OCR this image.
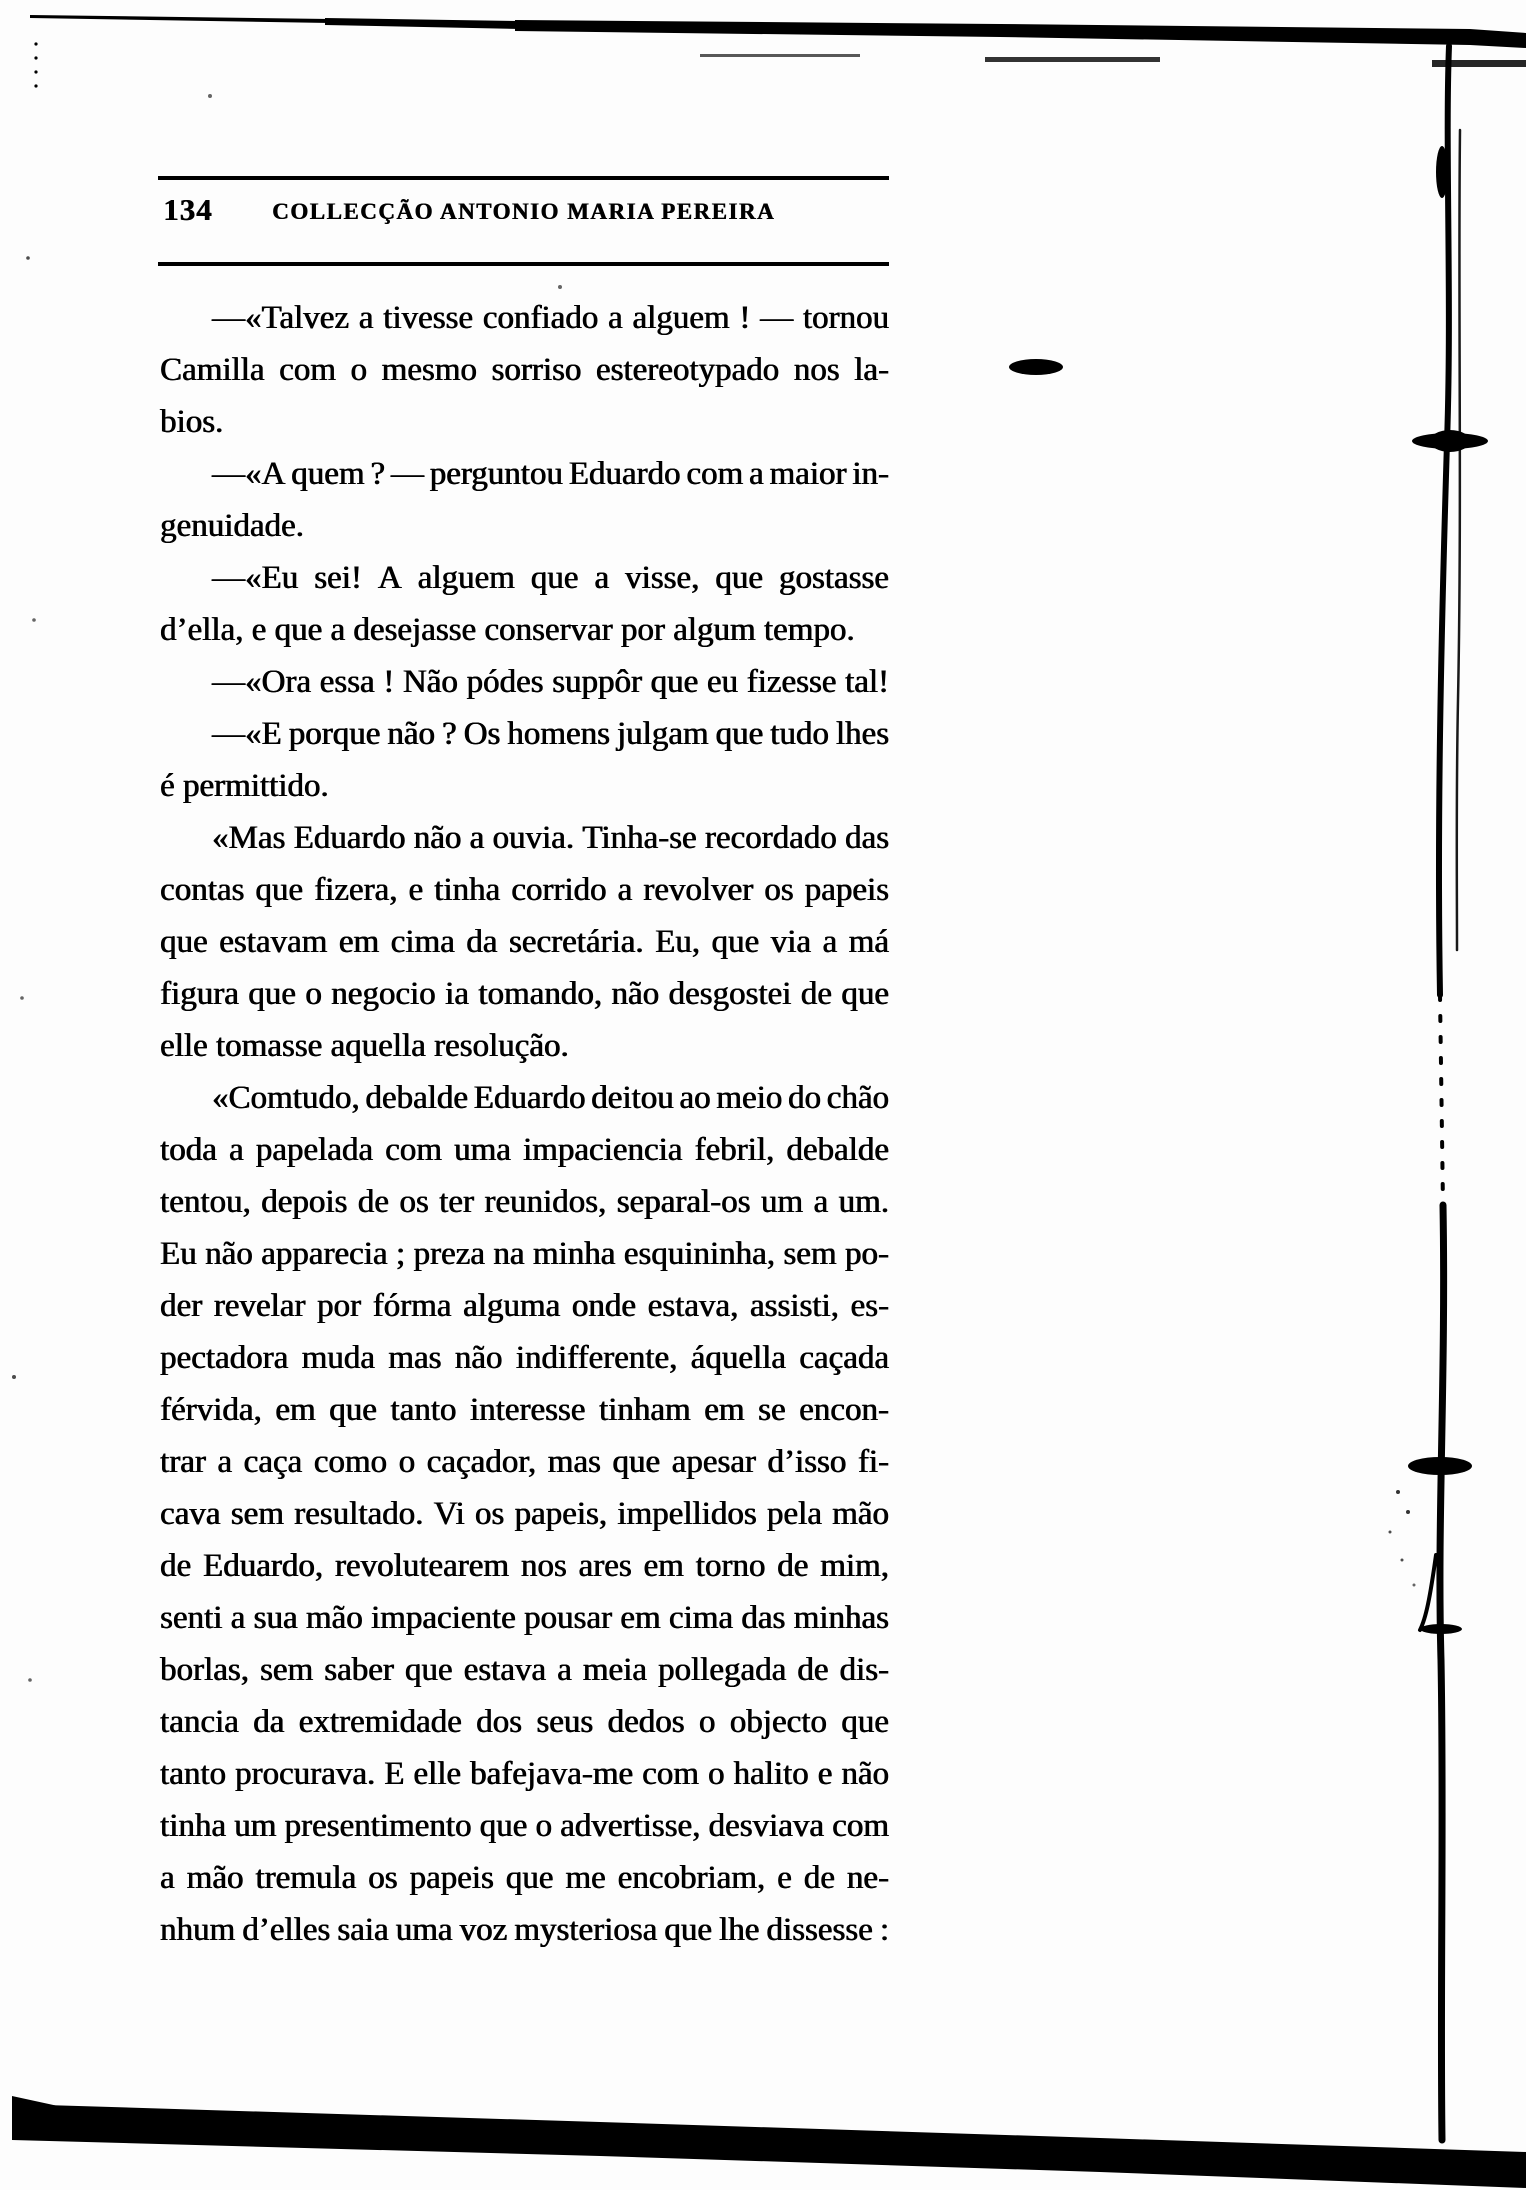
134	COLLECÇÃO ANTONIO MARIA PEREIRA
—«Talvez a tivesse confiado a alguem ! — tornou
Camilla com o mesmo sorriso estereotypado nos la-
bios.
—«A quem ? — perguntou Eduardo com a maior in-
genuidade.
—«Eu sei! A alguem que a visse, que gostasse
d’ella, e que a desejasse conservar por algum tempo.
—«Ora essa ! Não pódes suppôr que eu fizesse tal!
—«E porque não ? Os homens julgam que tudo lhes
é permittido.
«Mas Eduardo não a ouvia. Tinha-se recordado das
contas que fizera, e tinha corrido a revolver os papeis
que estavam em cima da secretária. Eu, que via a má
figura que o negocio ia tomando, não desgostei de que
elle tomasse aquella resolução.
«Comtudo, debalde Eduardo deitou ao meio do chão
toda a papelada com uma impaciencia febril, debalde
tentou, depois de os ter reunidos, separal-os um a um.
Eu não apparecia ; preza na minha esquininha, sem po-
der revelar por fórma alguma onde estava, assisti, es-
pectadora muda mas não indifferente, áquella caçada
férvida, em que tanto interesse tinham em se encon-
trar a caça como o caçador, mas que apesar d’isso fi-
cava sem resultado. Vi os papeis, impellidos pela mão
de Eduardo, revolutearem nos ares em torno de mim,
senti a sua mão impaciente pousar em cima das minhas
borlas, sem saber que estava a meia pollegada de dis-
tancia da extremidade dos seus dedos o objecto que
tanto procurava. E elle bafejava-me com o halito e não
tinha um presentimento que o advertisse, desviava com
a mão tremula os papeis que me encobriam, e de ne-
nhum d’elles saia uma voz mysteriosa que lhe dissesse :
